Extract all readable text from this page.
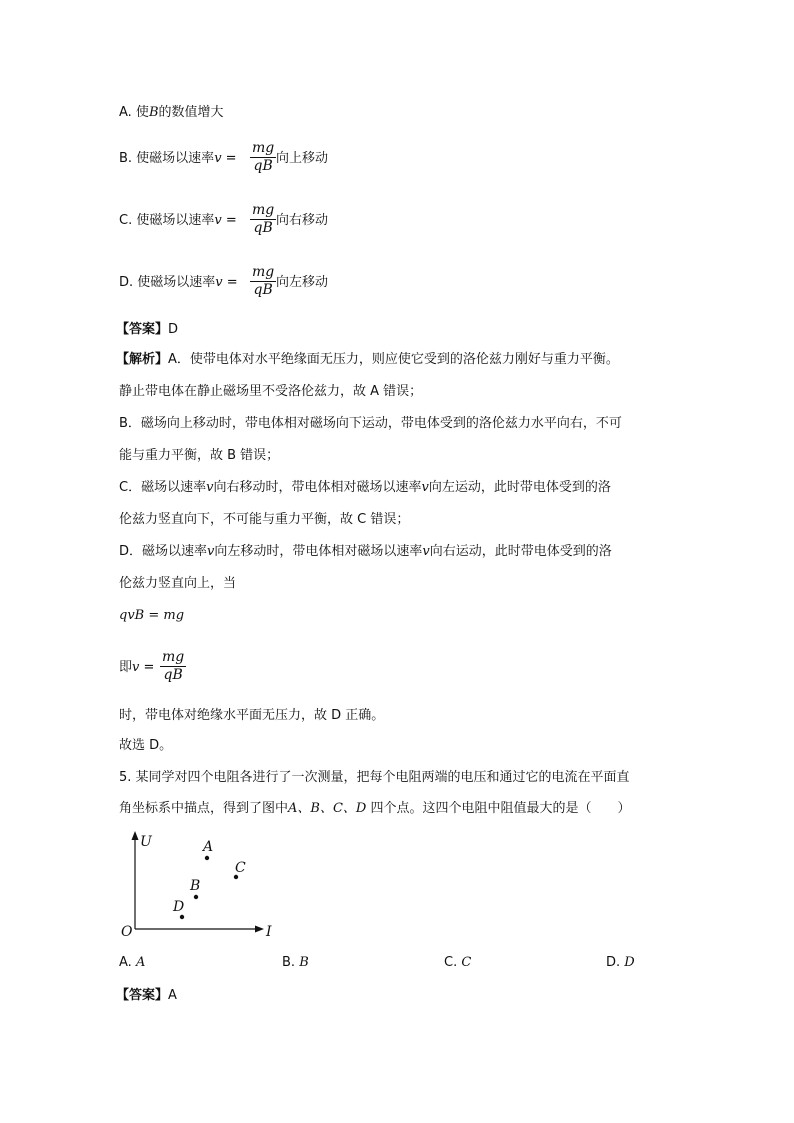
A. 使B的数值增大
B. 使磁场以速率$v = \frac{mg}{qB}$ 向上移动
C. 使磁场以速率$v = \frac{mg}{qB}$ 向右移动
D. 使磁场以速率$v = \frac{mg}{qB}$ 向左移动
【答案】D
【解析】A．使带电体对水平绝缘面无压力，则应使它受到的洛伦兹力刚好与重力平衡。
静止带电体在静止磁场里不受洛伦兹力，故 A 错误；
B．磁场向上移动时，带电体相对磁场向下运动，带电体受到的洛伦兹力水平向右，不可
能与重力平衡，故 B 错误；
C．磁场以速率v向右移动时，带电体相对磁场以速率v向左运动，此时带电体受到的洛
伦兹力竖直向下，不可能与重力平衡，故 C 错误；
D．磁场以速率v向左移动时，带电体相对磁场以速率v向右运动，此时带电体受到的洛
伦兹力竖直向上，当
qvB = mg
即$v = \frac{mg}{qB}$
时，带电体对绝缘水平面无压力，故 D 正确。
故选 D。
5. 某同学对四个电阻各进行了一次测量，把每个电阻两端的电压和通过它的电流在平面直
角坐标系中描点，得到了图中A、B、C、D 四个点。这四个电阻中阻值最大的是（　　）
U
I
O
A
B
C
D
A. A	B. B	C. C	D. D
【答案】A
